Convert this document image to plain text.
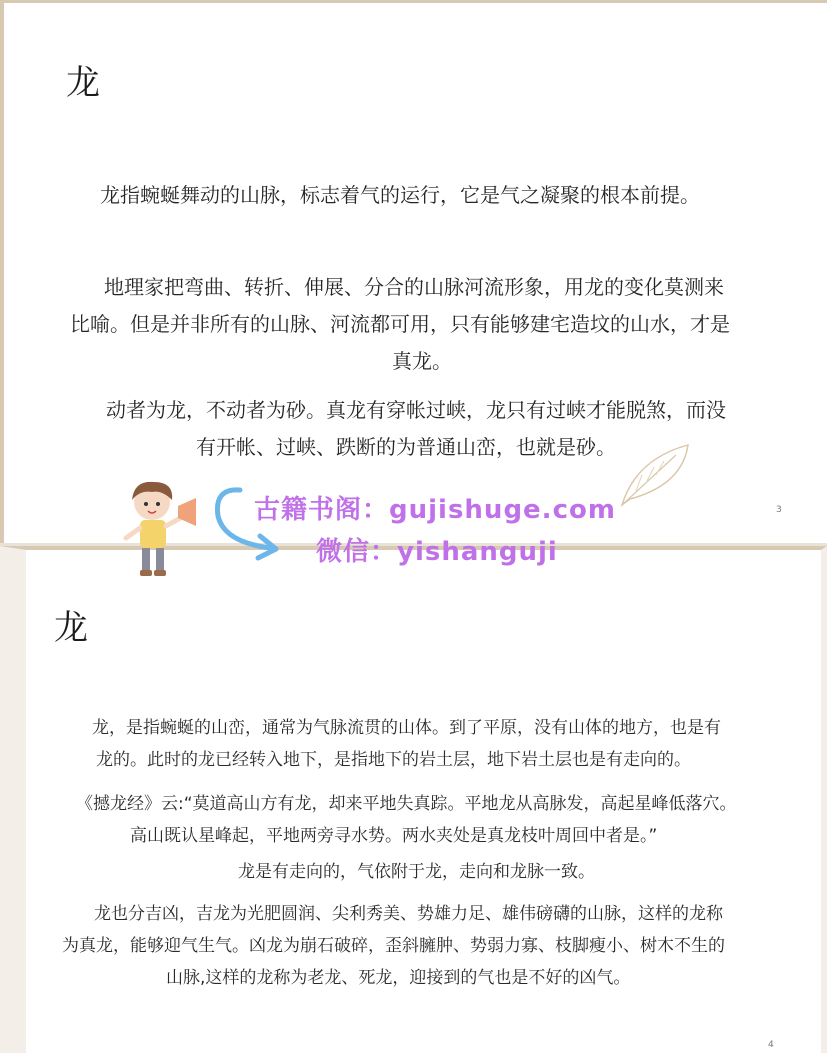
龙

龙指蜿蜒舞动的山脉，标志着气的运行，它是气之凝聚的根本前提。

地理家把弯曲、转折、伸展、分合的山脉河流形象，用龙的变化莫测来

比喻。但是并非所有的山脉、河流都可用，只有能够建宅造坟的山水，才是

真龙。

动者为龙，不动者为砂。真龙有穿帐过峡，龙只有过峡才能脱煞，而没

有开帐、过峡、跌断的为普通山峦，也就是砂。

3
龙

龙，是指蜿蜒的山峦，通常为气脉流贯的山体。到了平原，没有山体的地方，也是有

龙的。此时的龙已经转入地下，是指地下的岩土层，地下岩土层也是有走向的。

《撼龙经》云:“莫道高山方有龙，却来平地失真踪。平地龙从高脉发，高起星峰低落穴。

高山既认星峰起，平地两旁寻水势。两水夹处是真龙枝叶周回中者是。”

龙是有走向的，气依附于龙，走向和龙脉一致。

龙也分吉凶，吉龙为光肥圆润、尖利秀美、势雄力足、雄伟磅礴的山脉，这样的龙称

为真龙，能够迎气生气。凶龙为崩石破碎，歪斜臃肿、势弱力寡、枝脚瘦小、树木不生的

山脉,这样的龙称为老龙、死龙，迎接到的气也是不好的凶气。

4
古籍书阁：gujishuge.com
微信：yishanguji
